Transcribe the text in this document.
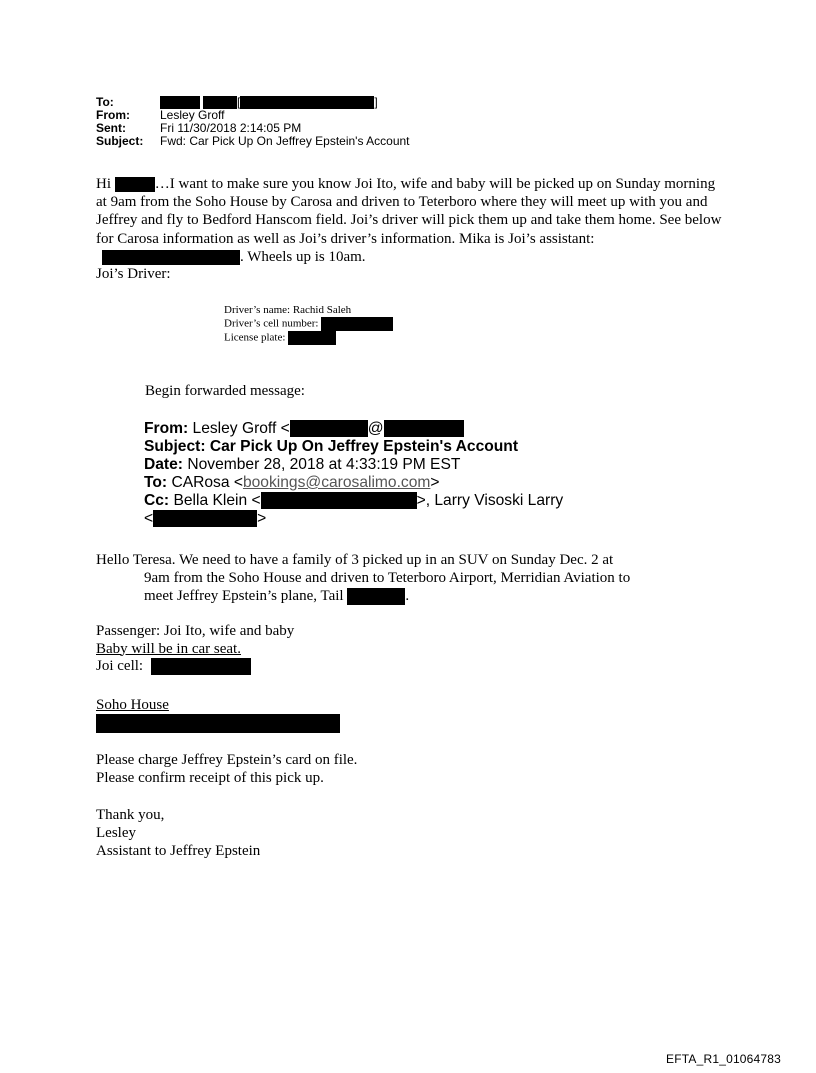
To:	[	]
From:	Lesley Groff
Sent:	Fri 11/30/2018 2:14:05 PM
Subject:	Fwd: Car Pick Up On Jeffrey Epstein's Account
Hi	…I want to make sure you know Joi Ito, wife and baby will be picked up on Sunday morning at 9am from the Soho House by Carosa and driven to Teterboro where they will meet up with you and Jeffrey and fly to Bedford Hanscom field. Joi’s driver will pick them up and take them home. See below for Carosa information as well as Joi’s driver’s information. Mika is Joi’s assistant: . Wheels up is 10am.
Joi’s Driver:
Driver’s name: Rachid Saleh
Driver’s cell number:
License plate:
Begin forwarded message:
From: Lesley Groff <	@
Subject: Car Pick Up On Jeffrey Epstein's Account
Date: November 28, 2018 at 4:33:19 PM EST
To: CARosa <bookings@carosalimo.com>
Cc: Bella Klein <	>, Larry Visoski Larry
<	>

Hello Teresa. We need to have a family of 3 picked up in an SUV on Sunday Dec. 2 at

9am from the Soho House and driven to Teterboro Airport, Merridian Aviation to

meet Jeffrey Epstein’s plane, Tail	.

Passenger: Joi Ito, wife and baby
Baby will be in car seat.
Joi cell:
Soho House
Please charge Jeffrey Epstein’s card on file.
Please confirm receipt of this pick up.
Thank you,
Lesley
Assistant to Jeffrey Epstein
EFTA_R1_01064783
